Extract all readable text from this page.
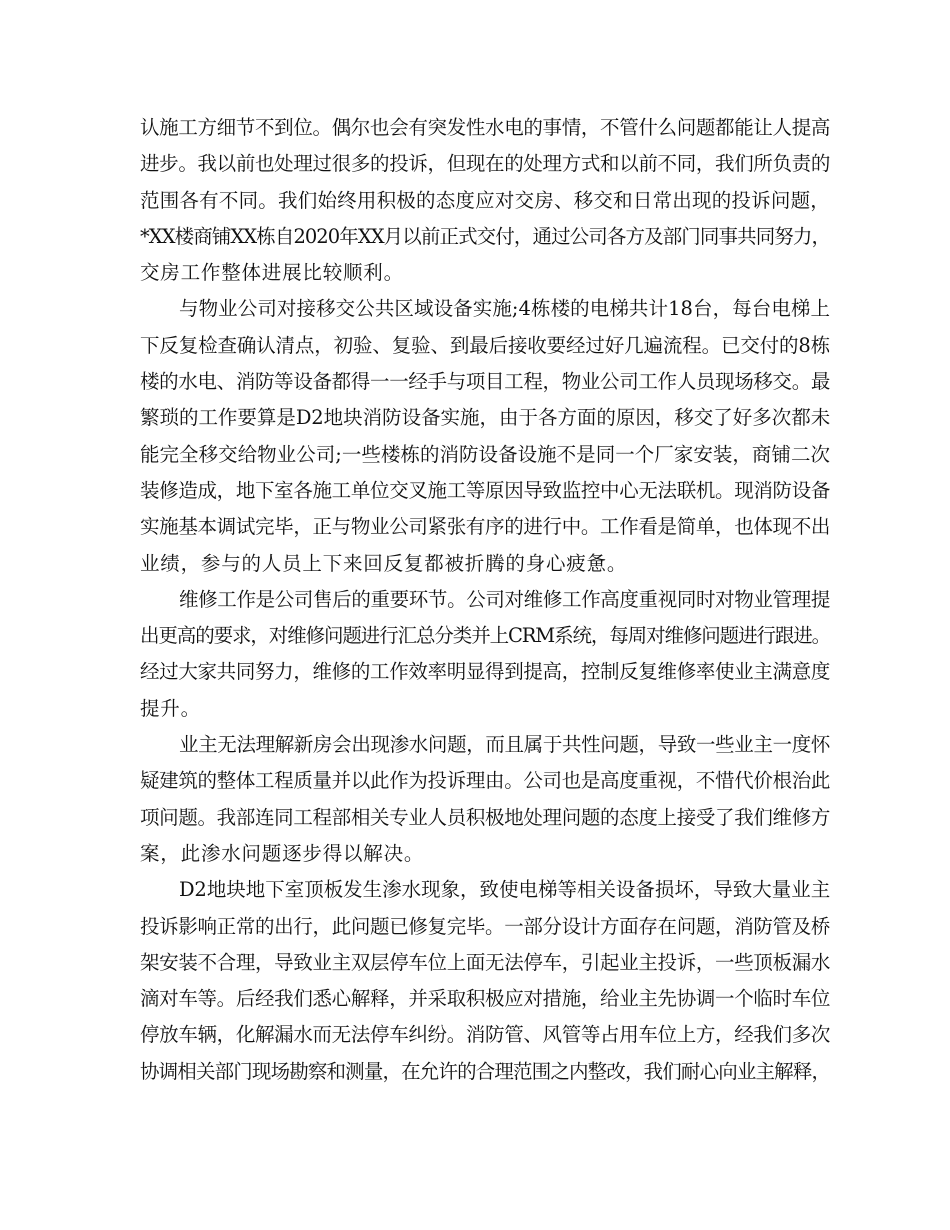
认施工方细节不到位。偶尔也会有突发性水电的事情，不管什么问题都能让人提高
进步。我以前也处理过很多的投诉，但现在的处理方式和以前不同，我们所负责的
范围各有不同。我们始终用积极的态度应对交房、移交和日常出现的投诉问题，
*XX楼商铺XX栋自2020年XX月以前正式交付，通过公司各方及部门同事共同努力，
交房工作整体进展比较顺利。
与物业公司对接移交公共区域设备实施;4栋楼的电梯共计18台，每台电梯上
下反复检查确认清点，初验、复验、到最后接收要经过好几遍流程。已交付的8栋
楼的水电、消防等设备都得一一经手与项目工程，物业公司工作人员现场移交。最
繁琐的工作要算是D2地块消防设备实施，由于各方面的原因，移交了好多次都未
能完全移交给物业公司;一些楼栋的消防设备设施不是同一个厂家安装，商铺二次
装修造成，地下室各施工单位交叉施工等原因导致监控中心无法联机。现消防设备
实施基本调试完毕，正与物业公司紧张有序的进行中。工作看是简单，也体现不出
业绩，参与的人员上下来回反复都被折腾的身心疲惫。
维修工作是公司售后的重要环节。公司对维修工作高度重视同时对物业管理提
出更高的要求，对维修问题进行汇总分类并上CRM系统，每周对维修问题进行跟进。
经过大家共同努力，维修的工作效率明显得到提高，控制反复维修率使业主满意度
提升。
业主无法理解新房会出现渗水问题，而且属于共性问题，导致一些业主一度怀
疑建筑的整体工程质量并以此作为投诉理由。公司也是高度重视，不惜代价根治此
项问题。我部连同工程部相关专业人员积极地处理问题的态度上接受了我们维修方
案，此渗水问题逐步得以解决。
D2地块地下室顶板发生渗水现象，致使电梯等相关设备损坏，导致大量业主
投诉影响正常的出行，此问题已修复完毕。一部分设计方面存在问题，消防管及桥
架安装不合理，导致业主双层停车位上面无法停车，引起业主投诉，一些顶板漏水
滴对车等。后经我们悉心解释，并采取积极应对措施，给业主先协调一个临时车位
停放车辆，化解漏水而无法停车纠纷。消防管、风管等占用车位上方，经我们多次
协调相关部门现场勘察和测量，在允许的合理范围之内整改，我们耐心向业主解释，
